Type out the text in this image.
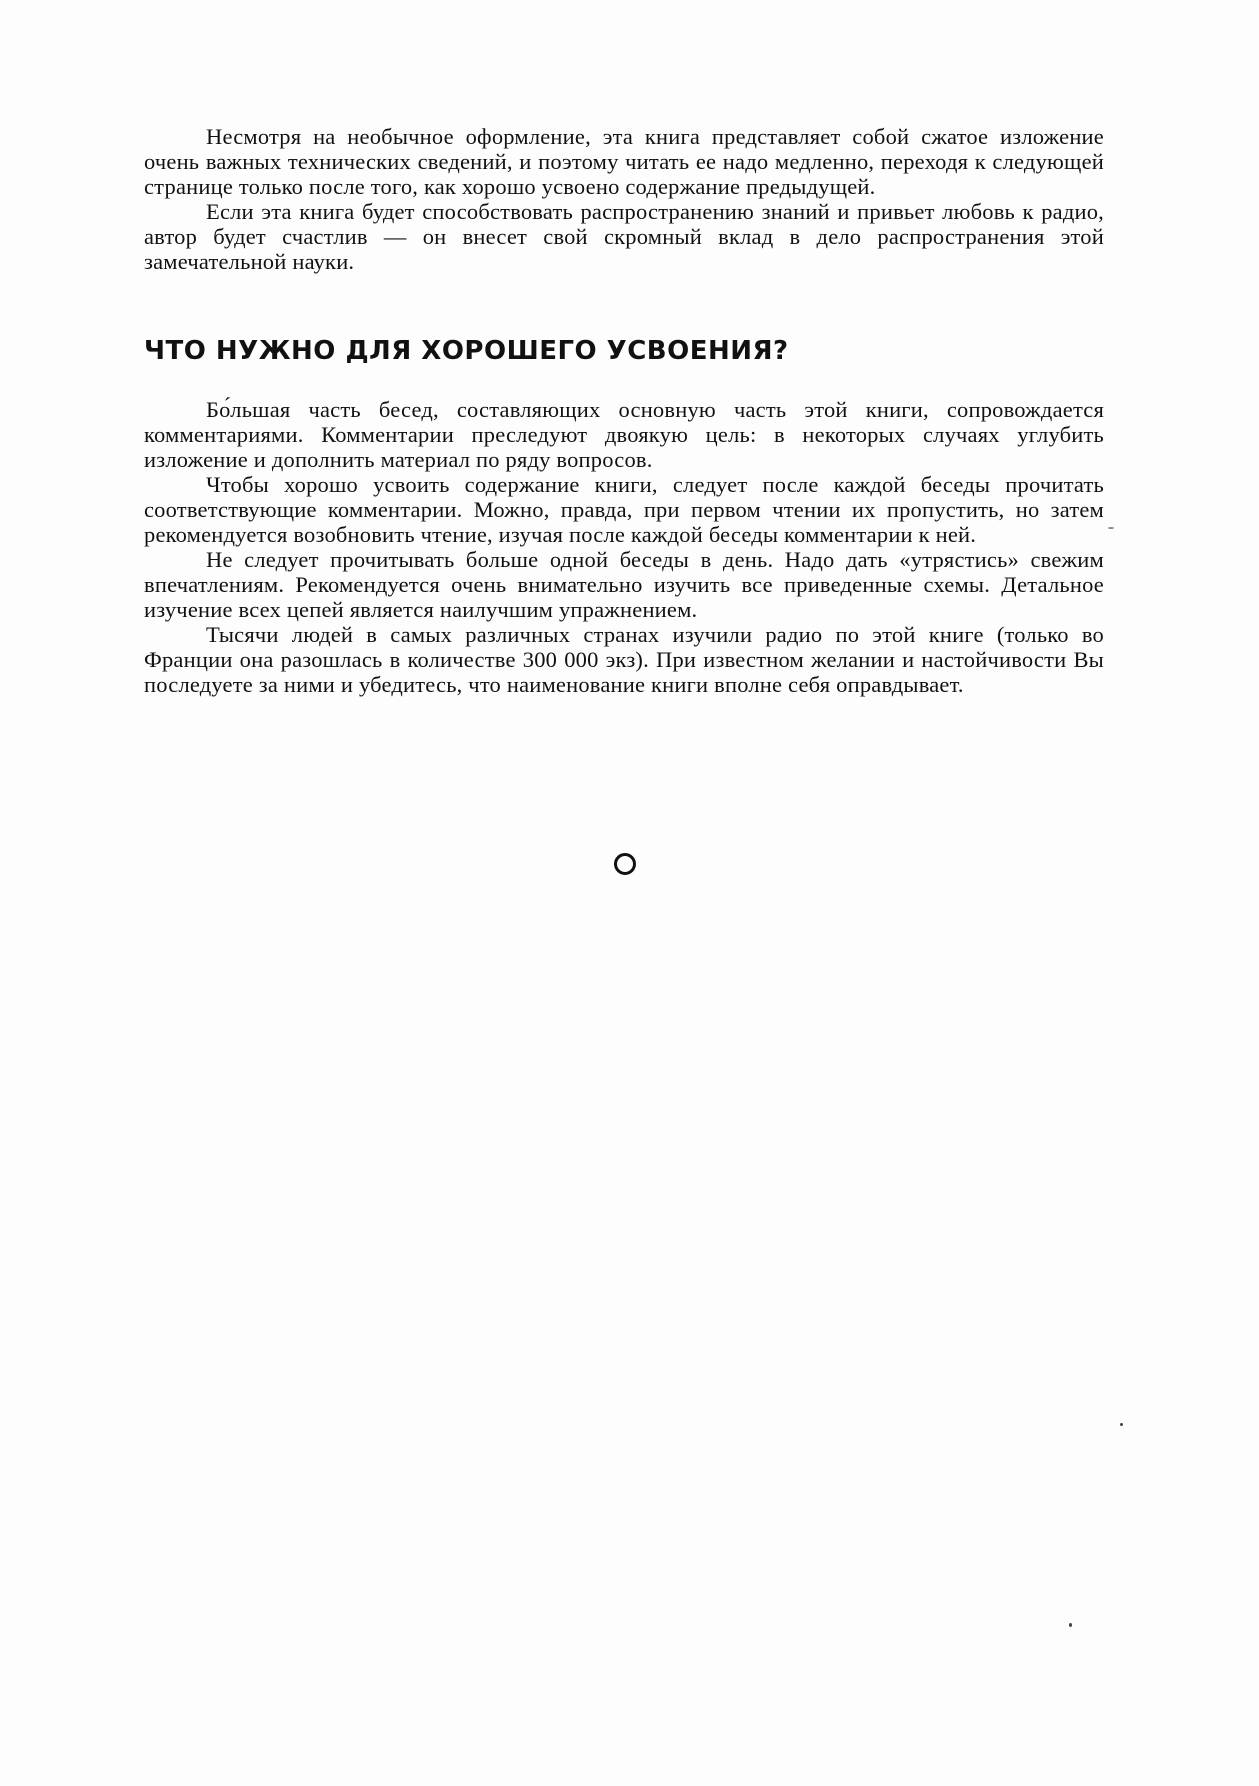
Несмотря на необычное оформление, эта книга представляет собой сжатое изложение очень важных технических сведений, и поэтому читать ее надо медленно, переходя к следующей странице только после того, как хорошо усвоено содержание предыдущей.

Если эта книга будет способствовать распространению знаний и привьет любовь к радио, автор будет счастлив — он внесет свой скромный вклад в дело распространения этой замечательной науки.

ЧТО НУЖНО ДЛЯ ХОРОШЕГО УСВОЕНИЯ?

Бо́льшая часть бесед, составляющих основную часть этой книги, сопровождается комментариями. Комментарии преследуют двоякую цель: в некоторых случаях углубить изложение и дополнить материал по ряду вопросов.

Чтобы хорошо усвоить содержание книги, следует после каждой беседы прочитать соответствующие комментарии. Можно, правда, при первом чтении их пропустить, но затем рекомендуется возобновить чтение, изучая после каждой беседы комментарии к ней.

Не следует прочитывать больше одной беседы в день. Надо дать «утрястись» свежим впечатлениям. Рекомендуется очень внимательно изучить все приведенные схемы. Детальное изучение всех цепей является наилучшим упражнением.

Тысячи людей в самых различных странах изучили радио по этой книге (только во Франции она разошлась в количестве 300 000 экз). При известном желании и настойчивости Вы последуете за ними и убедитесь, что наименование книги вполне себя оправдывает.
